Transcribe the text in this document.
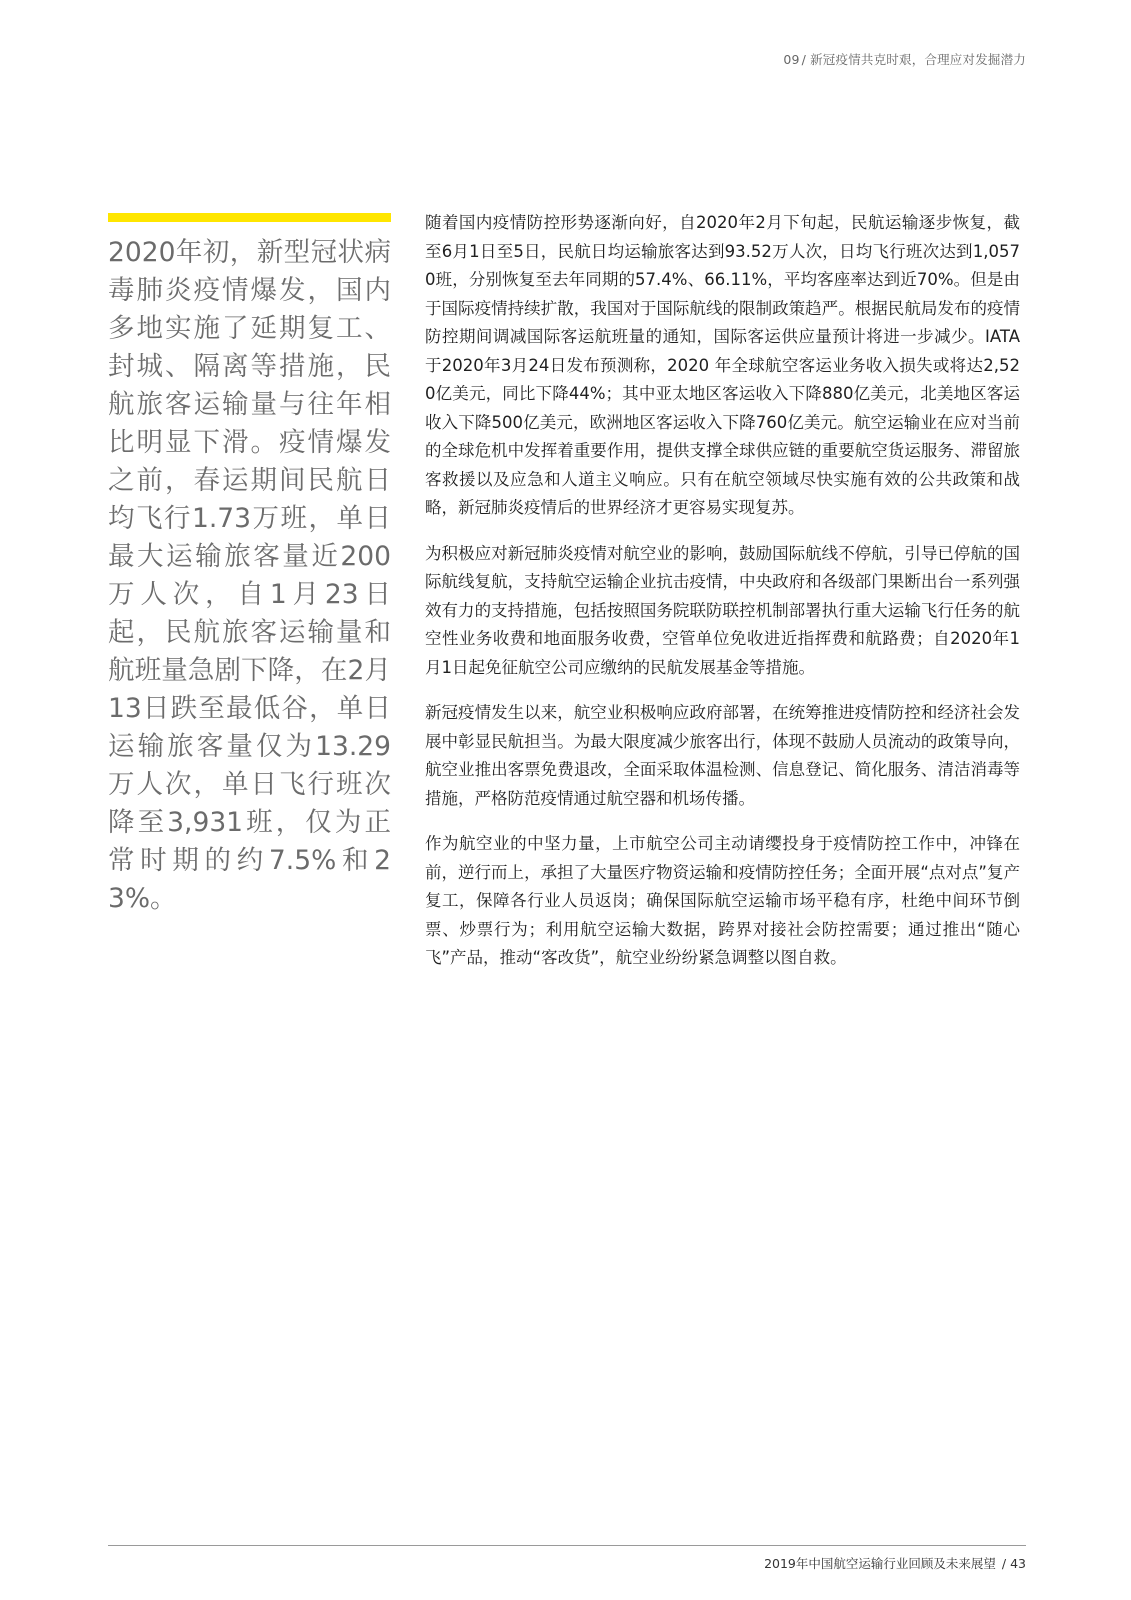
09 / 新冠疫情共克时艰，合理应对发掘潜力
2020年初，新型冠状病毒肺炎疫情爆发，国内多地实施了延期复工、封城、隔离等措施，民航旅客运输量与往年相比明显下滑。疫情爆发之前，春运期间民航日均飞行1.73万班，单日最大运输旅客量近200万人次，自1月23日起，民航旅客运输量和航班量急剧下降，在2月13日跌至最低谷，单日运输旅客量仅为13.29万人次，单日飞行班次降至3,931班，仅为正常时期的约7.5%和23%。

随着国内疫情防控形势逐渐向好，自2020年2月下旬起，民航运输逐步恢复，截至6月1日至5日，民航日均运输旅客达到93.52万人次，日均飞行班次达到1,0570班，分别恢复至去年同期的57.4%、66.11%，平均客座率达到近70%。但是由于国际疫情持续扩散，我国对于国际航线的限制政策趋严。根据民航局发布的疫情防控期间调减国际客运航班量的通知，国际客运供应量预计将进一步减少。IATA于2020年3月24日发布预测称，2020 年全球航空客运业务收入损失或将达2,520亿美元，同比下降44%；其中亚太地区客运收入下降880亿美元，北美地区客运收入下降500亿美元，欧洲地区客运收入下降760亿美元。航空运输业在应对当前的全球危机中发挥着重要作用，提供支撑全球供应链的重要航空货运服务、滞留旅客救援以及应急和人道主义响应。只有在航空领域尽快实施有效的公共政策和战略，新冠肺炎疫情后的世界经济才更容易实现复苏。

为积极应对新冠肺炎疫情对航空业的影响，鼓励国际航线不停航，引导已停航的国际航线复航，支持航空运输企业抗击疫情，中央政府和各级部门果断出台一系列强效有力的支持措施，包括按照国务院联防联控机制部署执行重大运输飞行任务的航空性业务收费和地面服务收费，空管单位免收进近指挥费和航路费；自2020年1月1日起免征航空公司应缴纳的民航发展基金等措施。

新冠疫情发生以来，航空业积极响应政府部署，在统筹推进疫情防控和经济社会发展中彰显民航担当。为最大限度减少旅客出行，体现不鼓励人员流动的政策导向，航空业推出客票免费退改，全面采取体温检测、信息登记、简化服务、清洁消毒等措施，严格防范疫情通过航空器和机场传播。

作为航空业的中坚力量，上市航空公司主动请缨投身于疫情防控工作中，冲锋在前，逆行而上，承担了大量医疗物资运输和疫情防控任务；全面开展“点对点”复产复工，保障各行业人员返岗；确保国际航空运输市场平稳有序，杜绝中间环节倒票、炒票行为；利用航空运输大数据，跨界对接社会防控需要；通过推出“随心飞”产品，推动“客改货”，航空业纷纷紧急调整以图自救。

2019年中国航空运输行业回顾及未来展望 / 43
